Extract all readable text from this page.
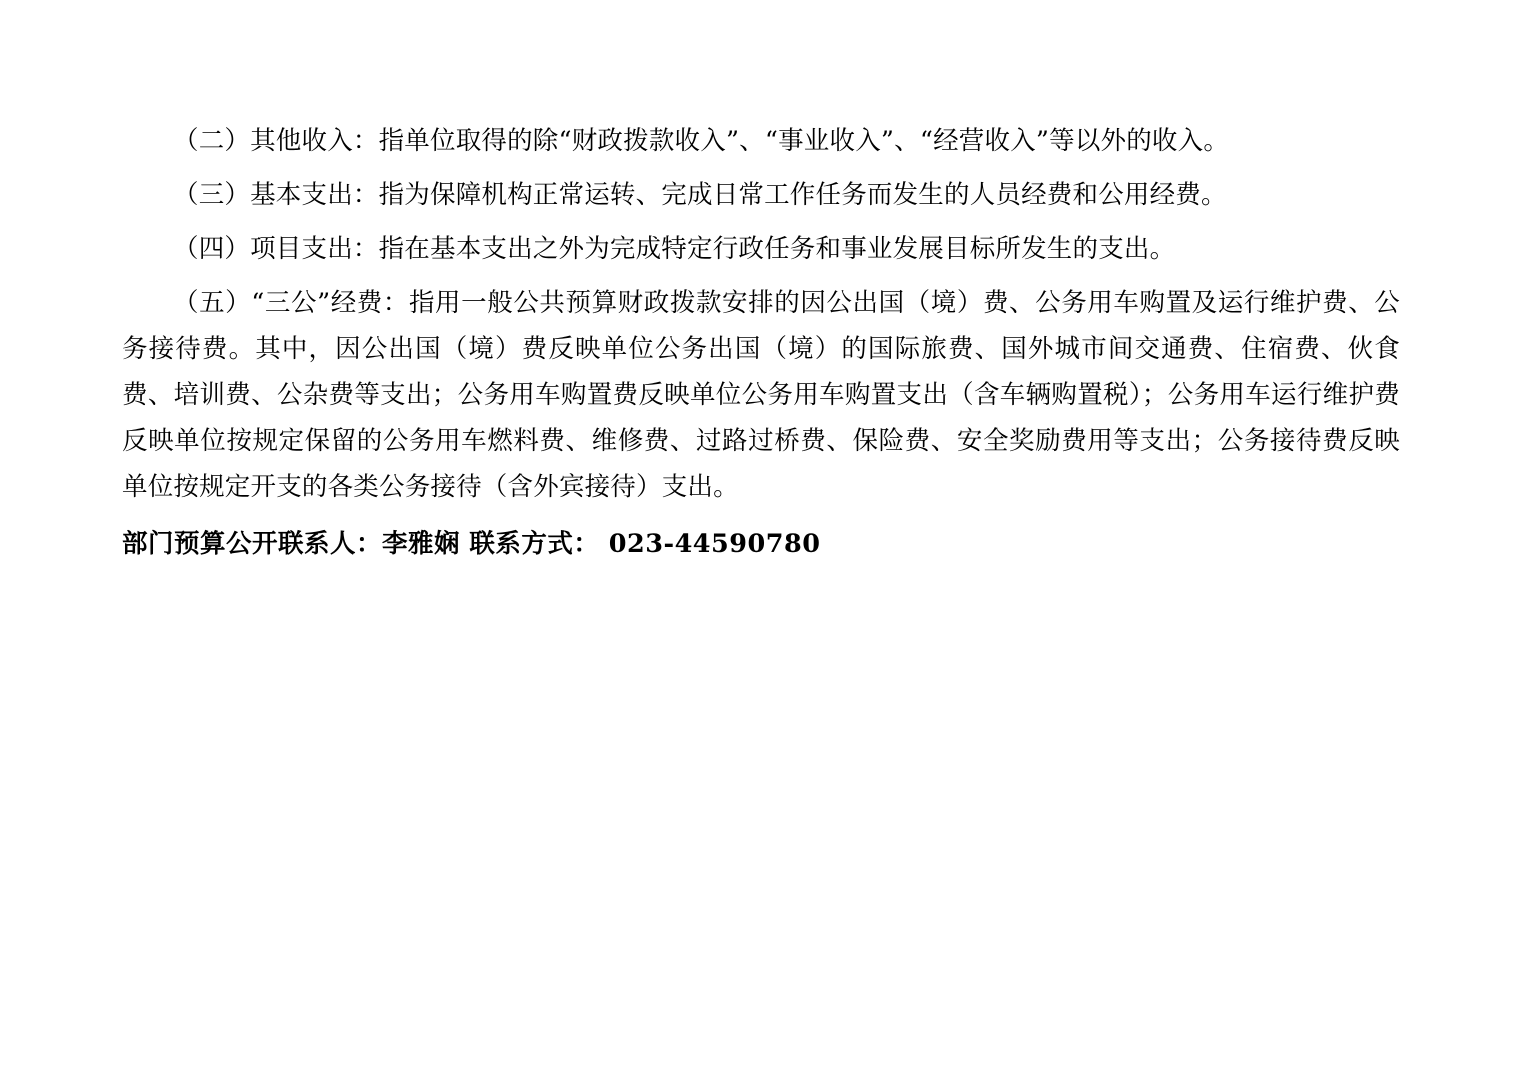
（二）其他收入：指单位取得的除“财政拨款收入”、“事业收入”、“经营收入”等以外的收入。

（三）基本支出：指为保障机构正常运转、完成日常工作任务而发生的人员经费和公用经费。

（四）项目支出：指在基本支出之外为完成特定行政任务和事业发展目标所发生的支出。

（五）“三公”经费：指用一般公共预算财政拨款安排的因公出国（境）费、公务用车购置及运行维护费、公务接待费。其中，因公出国（境）费反映单位公务出国（境）的国际旅费、国外城市间交通费、住宿费、伙食费、培训费、公杂费等支出；公务用车购置费反映单位公务用车购置支出（含车辆购置税）；公务用车运行维护费反映单位按规定保留的公务用车燃料费、维修费、过路过桥费、保险费、安全奖励费用等支出；公务接待费反映单位按规定开支的各类公务接待（含外宾接待）支出。

部门预算公开联系人：李雅娴 联系方式： 023-44590780
